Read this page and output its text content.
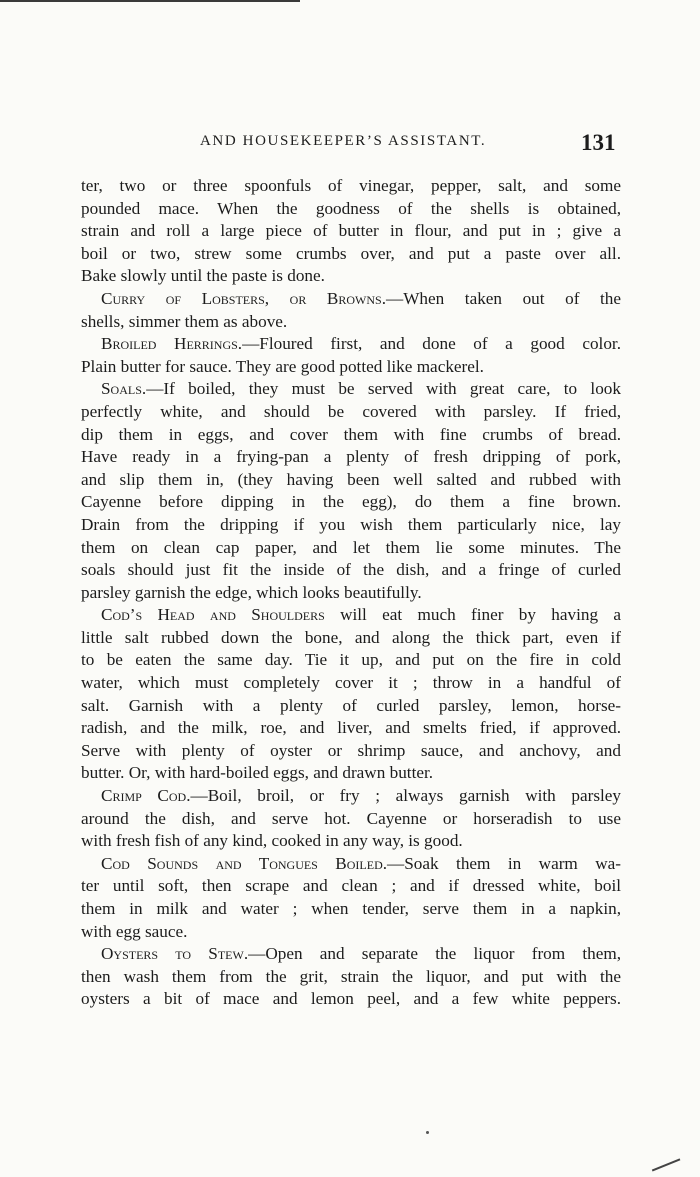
AND HOUSEKEEPER’S ASSISTANT.	131
ter, two or three spoonfuls of vinegar, pepper, salt, and some
pounded mace. When the goodness of the shells is obtained,
strain and roll a large piece of butter in flour, and put in ; give a
boil or two, strew some crumbs over, and put a paste over all.
Bake slowly until the paste is done.
Curry of Lobsters, or Browns.—When taken out of the
shells, simmer them as above.
Broiled Herrings.—Floured first, and done of a good color.
Plain butter for sauce. They are good potted like mackerel.
Soals.—If boiled, they must be served with great care, to look
perfectly white, and should be covered with parsley. If fried,
dip them in eggs, and cover them with fine crumbs of bread.
Have ready in a frying-pan a plenty of fresh dripping of pork,
and slip them in, (they having been well salted and rubbed with
Cayenne before dipping in the egg), do them a fine brown.
Drain from the dripping if you wish them particularly nice, lay
them on clean cap paper, and let them lie some minutes. The
soals should just fit the inside of the dish, and a fringe of curled
parsley garnish the edge, which looks beautifully.
Cod’s Head and Shoulders will eat much finer by having a
little salt rubbed down the bone, and along the thick part, even if
to be eaten the same day. Tie it up, and put on the fire in cold
water, which must completely cover it ; throw in a handful of
salt. Garnish with a plenty of curled parsley, lemon, horse-
radish, and the milk, roe, and liver, and smelts fried, if approved.
Serve with plenty of oyster or shrimp sauce, and anchovy, and
butter. Or, with hard-boiled eggs, and drawn butter.
Crimp Cod.—Boil, broil, or fry ; always garnish with parsley
around the dish, and serve hot. Cayenne or horseradish to use
with fresh fish of any kind, cooked in any way, is good.
Cod Sounds and Tongues Boiled.—Soak them in warm wa-
ter until soft, then scrape and clean ; and if dressed white, boil
them in milk and water ; when tender, serve them in a napkin,
with egg sauce.
Oysters to Stew.—Open and separate the liquor from them,
then wash them from the grit, strain the liquor, and put with the
oysters a bit of mace and lemon peel, and a few white peppers.
